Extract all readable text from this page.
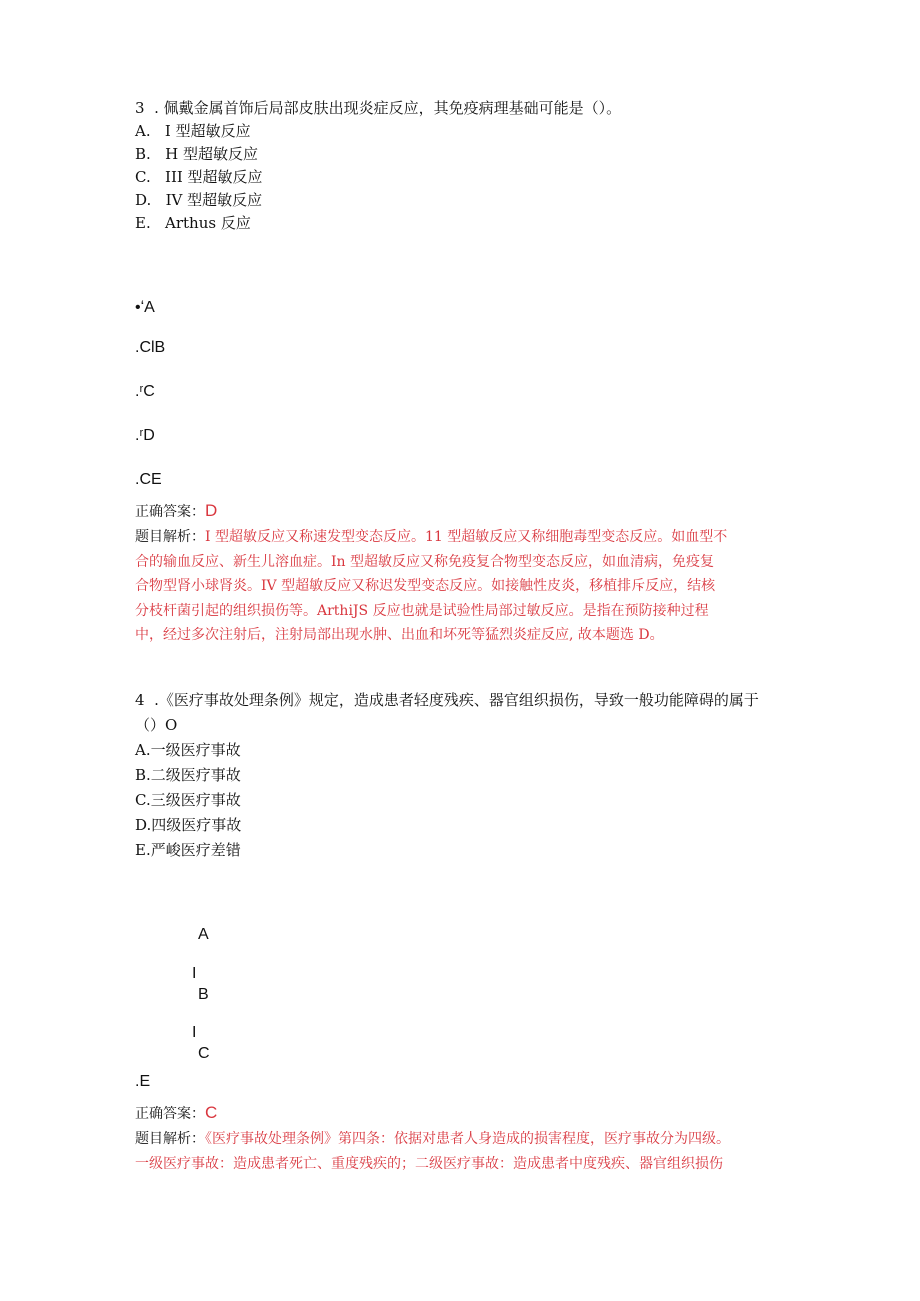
3  . 佩戴金属首饰后局部皮肤出现炎症反应，其免疫病理基础可能是（）。
A.   I 型超敏反应
B.   H 型超敏反应
C.   III 型超敏反应
D.   IV 型超敏反应
E.   Arthus 反应
•ʻA
.ClB
.ʳC
.ʳD
.CE
正确答案：D
题目解析：I 型超敏反应又称速发型变态反应。11 型超敏反应又称细胞毒型变态反应。如血型不
合的输血反应、新生儿溶血症。In 型超敏反应又称免疫复合物型变态反应，如血清病，免疫复
合物型肾小球肾炎。IV 型超敏反应又称迟发型变态反应。如接触性皮炎，移植排斥反应，结核
分枝杆菌引起的组织损伤等。ArthiJS 反应也就是试验性局部过敏反应。是指在预防接种过程
中，经过多次注射后，注射局部出现水肿、出血和坏死等猛烈炎症反应, 故本题选 D。
4  .《医疗事故处理条例》规定，造成患者轻度残疾、器官组织损伤，导致一般功能障碍的属于
（）O
A.一级医疗事故
B.二级医疗事故
C.三级医疗事故
D.四级医疗事故
E.严峻医疗差错
A
I
B
I
C
.E
正确答案：C
题目解析：《医疗事故处理条例》第四条：依据对患者人身造成的损害程度，医疗事故分为四级。
一级医疗事故：造成患者死亡、重度残疾的；二级医疗事故：造成患者中度残疾、器官组织损伤
